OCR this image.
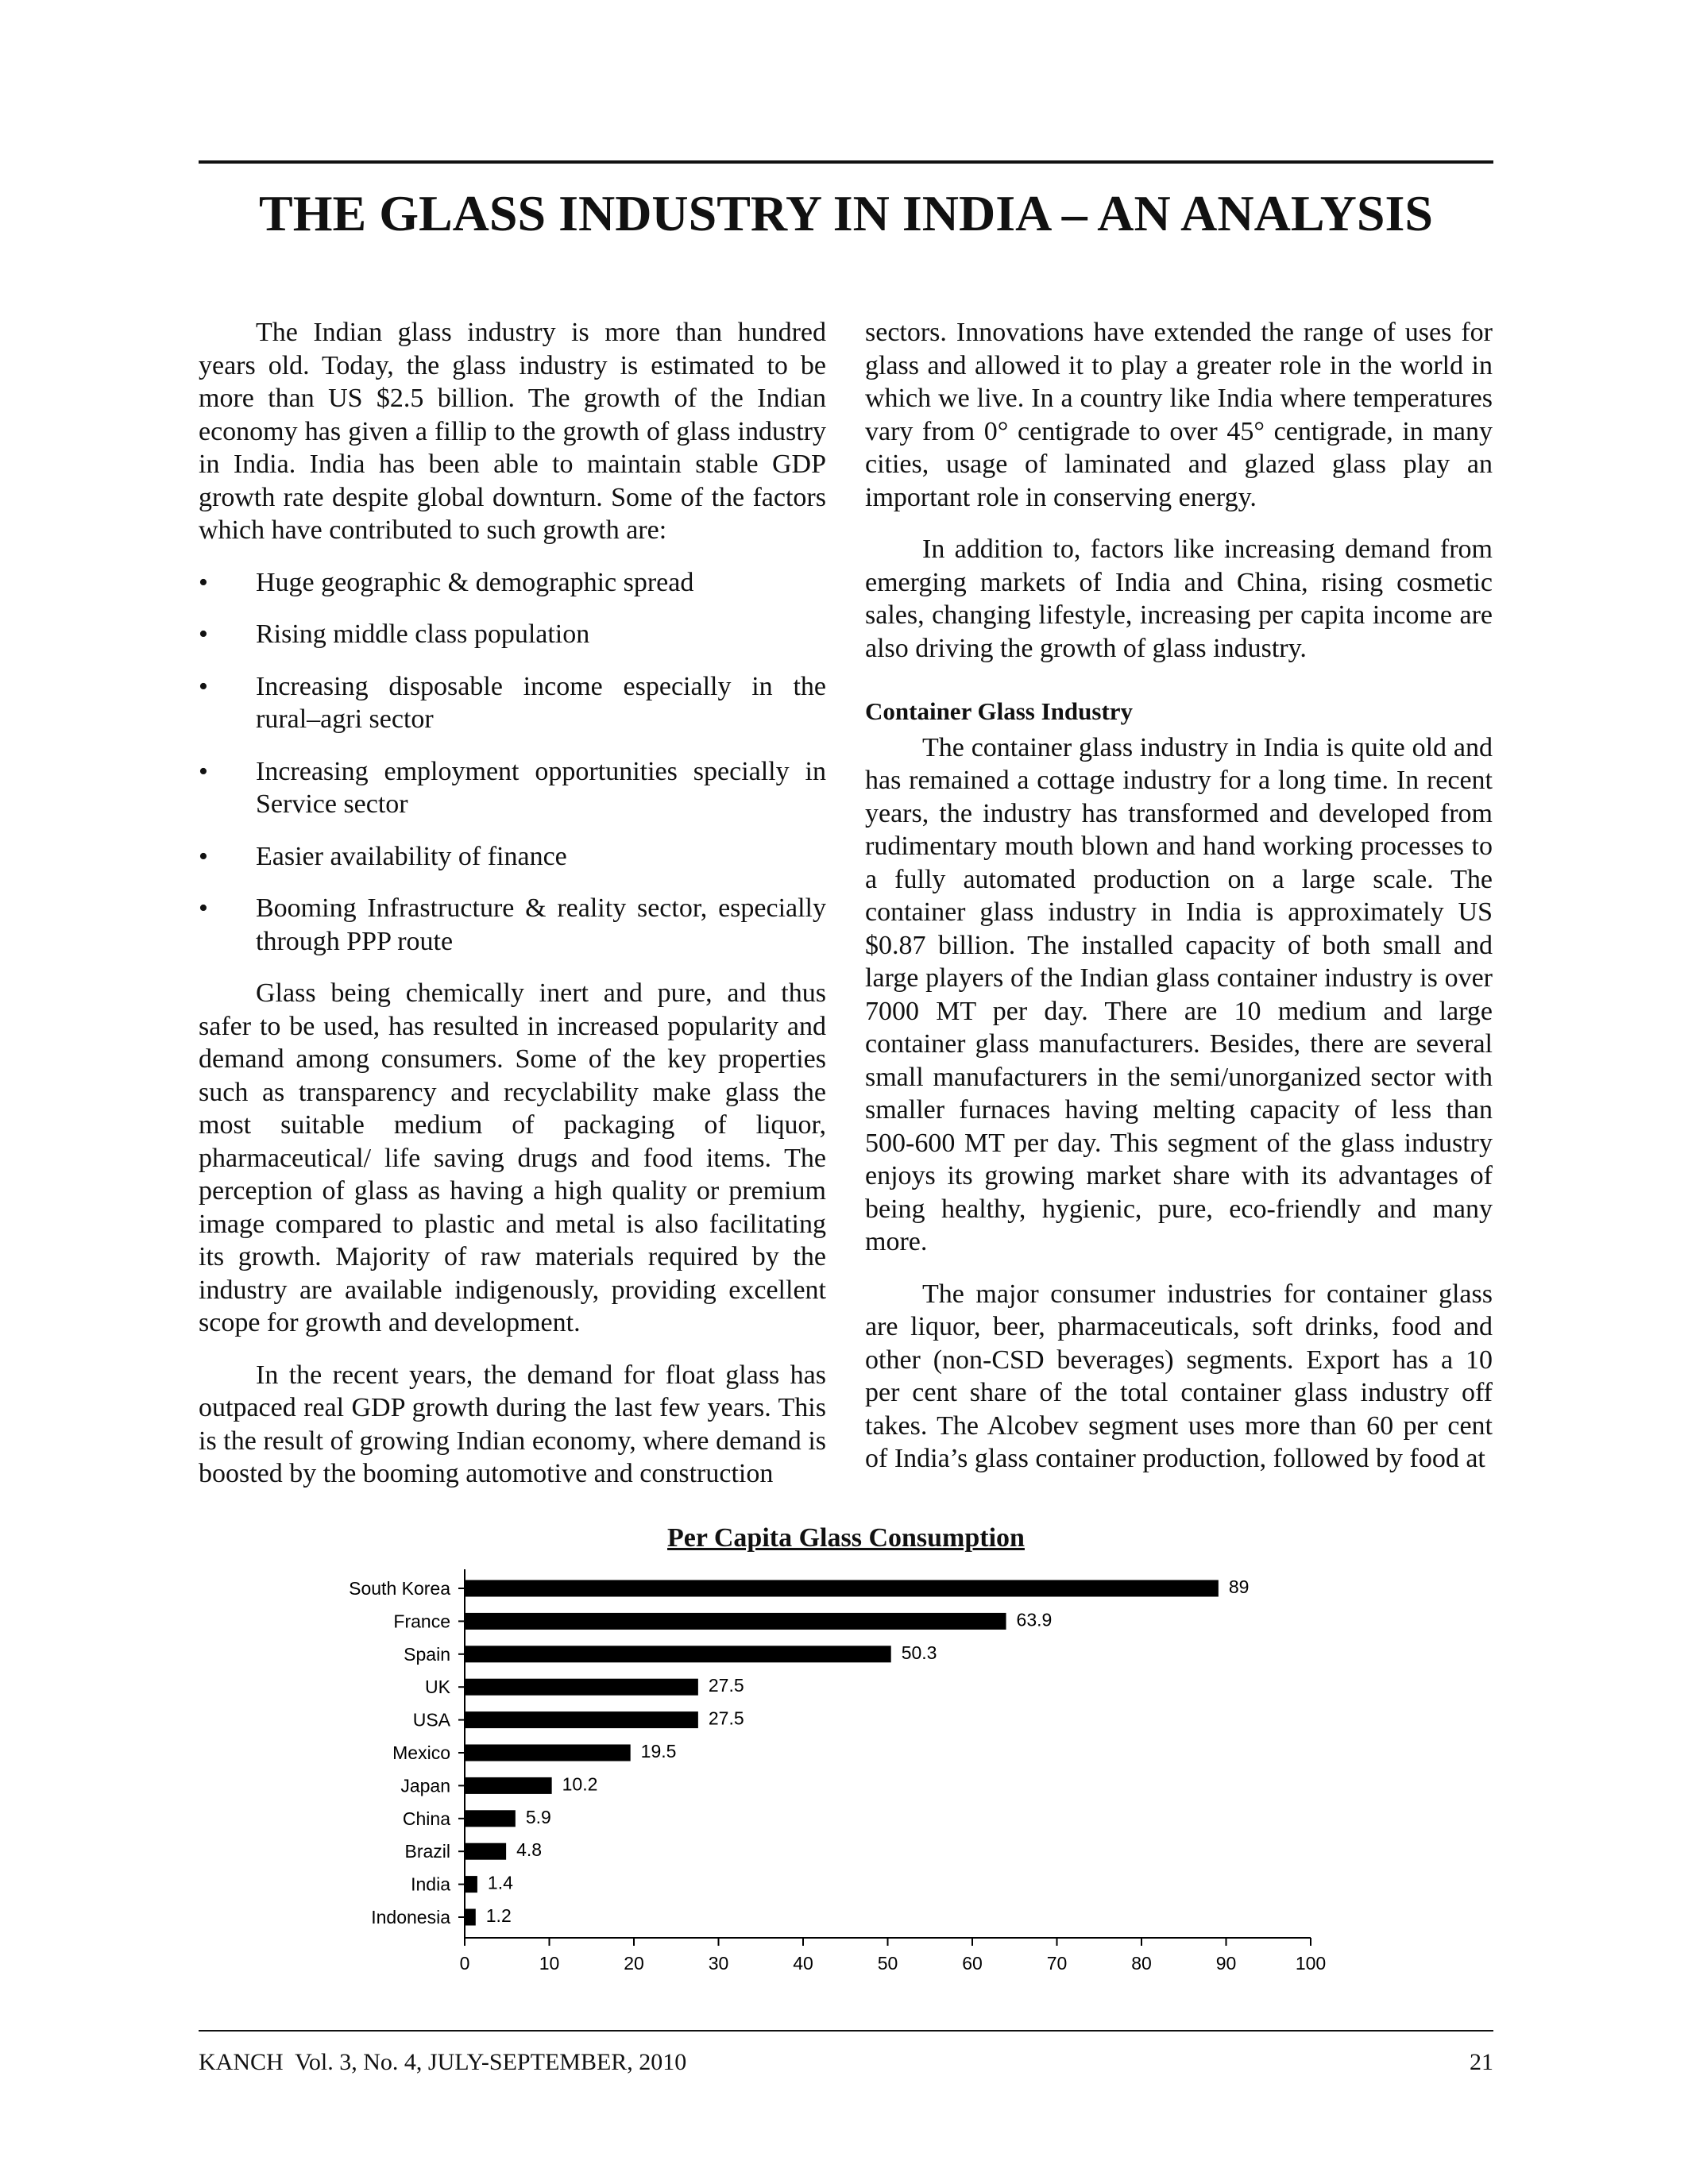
THE GLASS INDUSTRY IN INDIA – AN ANALYSIS

The Indian glass industry is more than hundred years old. Today, the glass industry is estimated to be more than US $2.5 billion. The growth of the Indian economy has given a fillip to the growth of glass industry in India. India has been able to maintain stable GDP growth rate despite global downturn. Some of the factors which have contributed to such growth are:

• Huge geographic & demographic spread
• Rising middle class population
• Increasing disposable income especially in the rural–agri sector
• Increasing employment opportunities specially in Service sector
• Easier availability of finance
• Booming Infrastructure & reality sector, especially through PPP route

Glass being chemically inert and pure, and thus safer to be used, has resulted in increased popularity and demand among consumers. Some of the key properties such as transparency and recyclability make glass the most suitable medium of packaging of liquor, pharmaceutical/ life saving drugs and food items. The perception of glass as having a high quality or premium image compared to plastic and metal is also facilitating its growth. Majority of raw materials required by the industry are available indigenously, providing excellent scope for growth and development.

In the recent years, the demand for float glass has outpaced real GDP growth during the last few years. This is the result of growing Indian economy, where demand is boosted by the booming automotive and construction

sectors. Innovations have extended the range of uses for glass and allowed it to play a greater role in the world in which we live. In a country like India where temperatures vary from 0° centigrade to over 45° centigrade, in many cities, usage of laminated and glazed glass play an important role in conserving energy.

In addition to, factors like increasing demand from emerging markets of India and China, rising cosmetic sales, changing lifestyle, increasing per capita income are also driving the growth of glass industry.

Container Glass Industry

The container glass industry in India is quite old and has remained a cottage industry for a long time. In recent years, the industry has transformed and developed from rudimentary mouth blown and hand working processes to a fully automated production on a large scale. The container glass industry in India is approximately US $0.87 billion. The installed capacity of both small and large players of the Indian glass container industry is over 7000 MT per day. There are 10 medium and large container glass manufacturers. Besides, there are several small manufacturers in the semi/unorganized sector with smaller furnaces having melting capacity of less than 500-600 MT per day. This segment of the glass industry enjoys its growing market share with its advantages of being healthy, hygienic, pure, eco-friendly and many more.

The major consumer industries for container glass are liquor, beer, pharmaceuticals, soft drinks, food and other (non-CSD beverages) segments. Export has a 10 per cent share of the total container glass industry off takes. The Alcobev segment uses more than 60 per cent of India’s glass container production, followed by food at

Per Capita Glass Consumption
South Korea	89
France	63.9
Spain	50.3
UK	27.5
USA	27.5
Mexico	19.5
Japan	10.2
China	5.9
Brazil	4.8
India 1.4
Indonesia 1.2
0	10	20	30	40	50	60	70	80	90	100
KANCH  Vol. 3, No. 4, JULY-SEPTEMBER, 2010	21
